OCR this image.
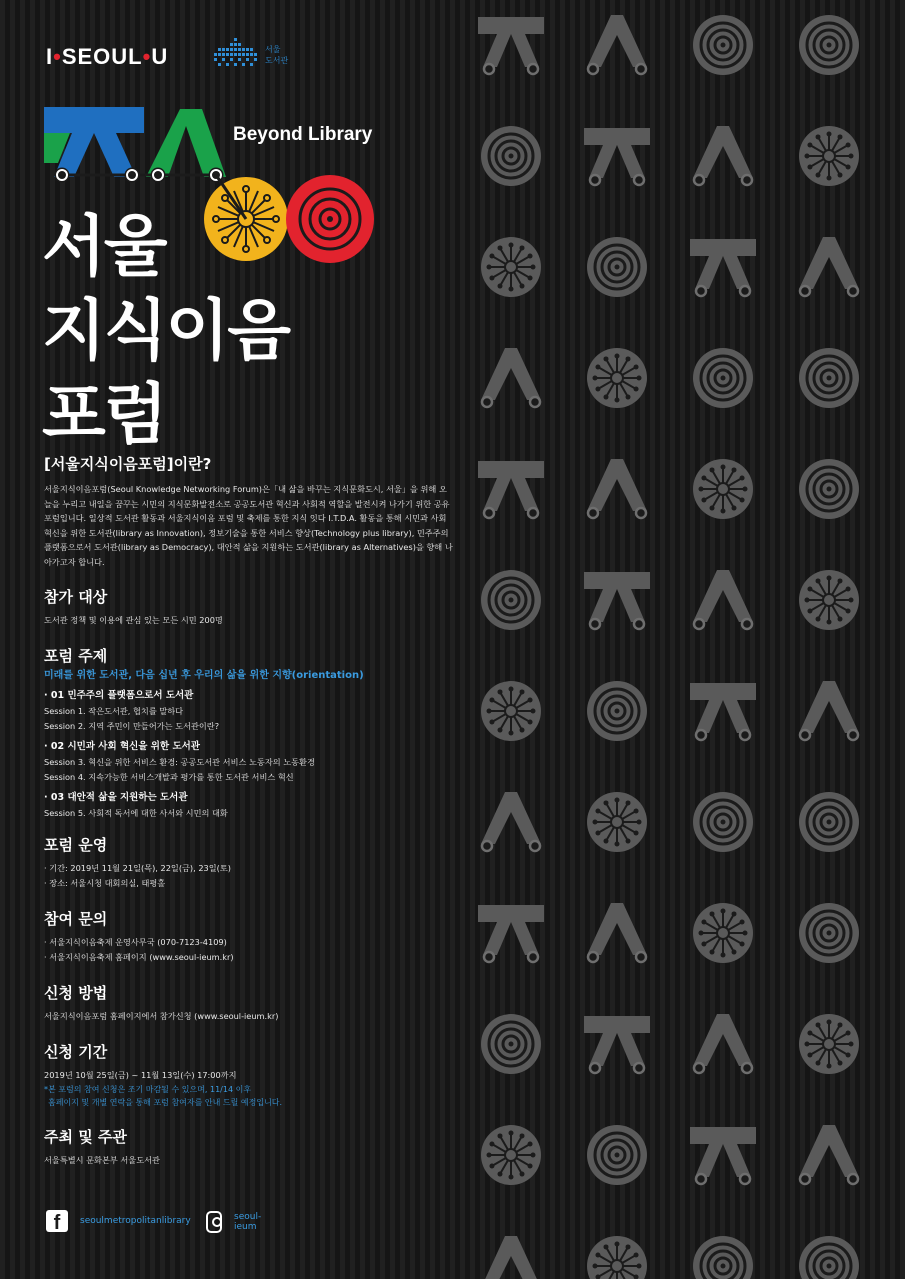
I•SEOUL•U	서울
도서관
Beyond Library
서울
지식이음
포럼
[서울지식이음포럼]이란?

서울지식이음포럼(Seoul Knowledge Networking Forum)은「내 삶을 바꾸는 지식문화도시, 서울」을 위해 오늘을 누리고 내일을 꿈꾸는 시민의 지식문화발전소로 공공도서관 혁신과 사회적 역할을 발전시켜 나가기 위한 공유포럼입니다. 일상적 도서관 활동과 서울지식이음 포럼 및 축제를 통한 지식 잇다 I.T.D.A. 활동을 통해 시민과 사회혁신을 위한 도서관(library as Innovation), 정보기술을 통한 서비스 향상(Technology plus library), 민주주의 플랫폼으로서 도서관(library as Democracy), 대안적 삶을 지원하는 도서관(library as Alternatives)을 향해 나아가고자 합니다.

참가 대상

도서관 정책 및 이용에 관심 있는 모든 시민 200명

포럼 주제
미래를 위한 도서관, 다음 십년 후 우리의 삶을 위한 지향(orientation)
· 01 민주주의 플랫폼으로서 도서관
Session 1. 작은도서관, 협치를 말하다
Session 2. 지역 주민이 만들어가는 도서관이란?
· 02 시민과 사회 혁신을 위한 도서관
Session 3. 혁신을 위한 서비스 환경: 공공도서관 서비스 노동자의 노동환경
Session 4. 지속가능한 서비스개발과 평가를 통한 도서관 서비스 혁신
· 03 대안적 삶을 지원하는 도서관
Session 5. 사회적 독서에 대한 사서와 시민의 대화
포럼 운영
· 기간: 2019년 11월 21일(목), 22일(금), 23일(토)
· 장소: 서울시청 대회의실, 태평홀
참여 문의
· 서울지식이음축제 운영사무국 (070-7123-4109)
· 서울지식이음축제 홈페이지 (www.seoul-ieum.kr)
신청 방법
서울지식이음포럼 홈페이지에서 참가신청 (www.seoul-ieum.kr)
신청 기간
2019년 10월 25일(금) ~ 11월 13일(수) 17:00까지
*본 포럼의 참여 신청은 조기 마감될 수 있으며, 11/14 이후
홈페이지 및 개별 연락을 통해 포럼 참여자를 안내 드릴 예정입니다.
주최 및 주관
서울특별시 문화본부 서울도서관
f	seoulmetropolitanlibrary	seoul-ieum
